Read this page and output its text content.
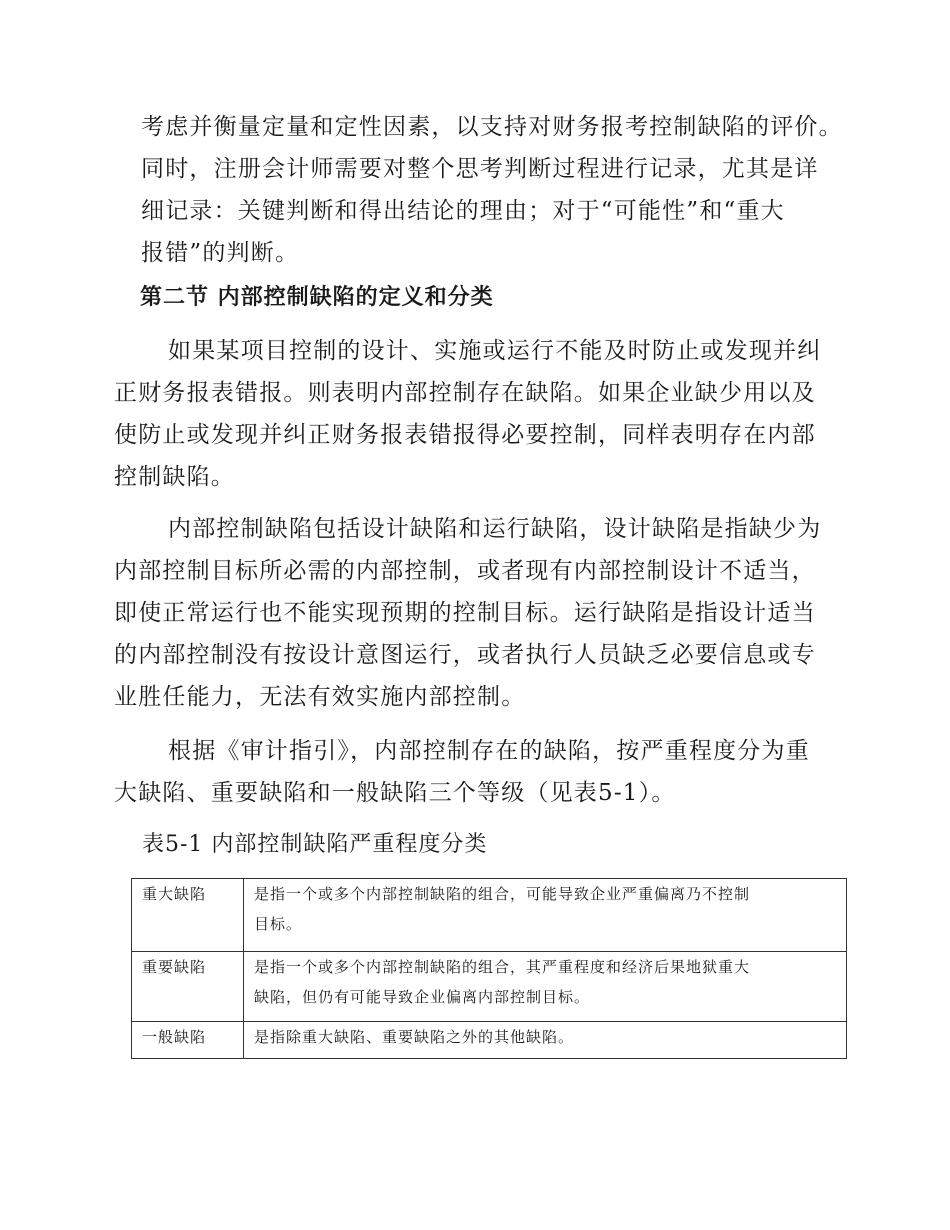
考虑并衡量定量和定性因素，以支持对财务报考控制缺陷的评价。
同时，注册会计师需要对整个思考判断过程进行记录，尤其是详
细记录：关键判断和得出结论的理由；对于“可能性”和“重大
报错”的判断。
第二节 内部控制缺陷的定义和分类
如果某项目控制的设计、实施或运行不能及时防止或发现并纠
正财务报表错报。则表明内部控制存在缺陷。如果企业缺少用以及
使防止或发现并纠正财务报表错报得必要控制，同样表明存在内部
控制缺陷。
内部控制缺陷包括设计缺陷和运行缺陷，设计缺陷是指缺少为
内部控制目标所必需的内部控制，或者现有内部控制设计不适当，
即使正常运行也不能实现预期的控制目标。运行缺陷是指设计适当
的内部控制没有按设计意图运行，或者执行人员缺乏必要信息或专
业胜任能力，无法有效实施内部控制。
根据《审计指引》，内部控制存在的缺陷，按严重程度分为重
大缺陷、重要缺陷和一般缺陷三个等级（见表5-1）。
表5-1 内部控制缺陷严重程度分类
重大缺陷	是指一个或多个内部控制缺陷的组合，可能导致企业严重偏离乃不控制
目标。

重要缺陷	是指一个或多个内部控制缺陷的组合，其严重程度和经济后果地狱重大
缺陷，但仍有可能导致企业偏离内部控制目标。

一般缺陷	是指除重大缺陷、重要缺陷之外的其他缺陷。
